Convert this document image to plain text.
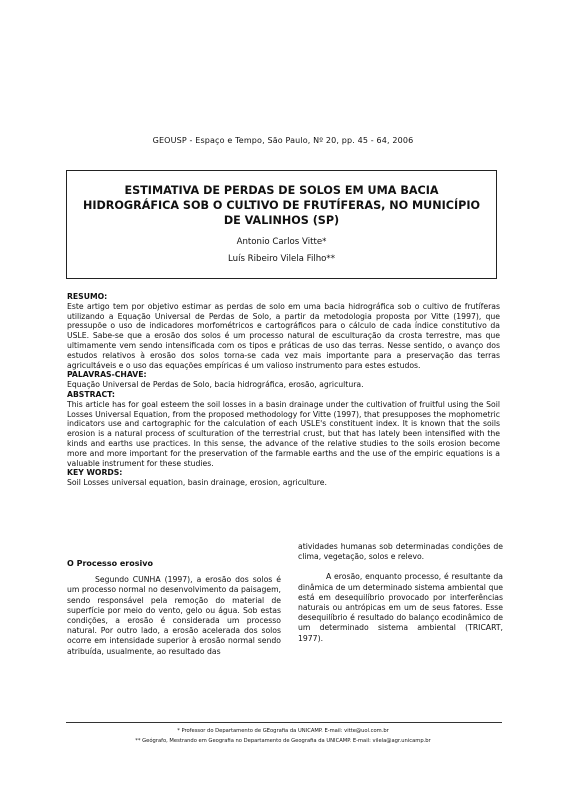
GEOUSP - Espaço e Tempo, São Paulo, Nº 20, pp. 45 - 64, 2006
ESTIMATIVA DE PERDAS DE SOLOS EM UMA BACIA HIDROGRÁFICA SOB O CULTIVO DE FRUTÍFERAS, NO MUNICÍPIO DE VALINHOS (SP)
Antonio Carlos Vitte*
Luís Ribeiro Vilela Filho**

RESUMO:

Este artigo tem por objetivo estimar as perdas de solo em uma bacia hidrográfica sob o cultivo de frutíferas utilizando a Equação Universal de Perdas de Solo, a partir da metodologia proposta por Vitte (1997), que pressupõe o uso de indicadores morfométricos e cartográficos para o cálculo de cada índice constitutivo da USLE. Sabe-se que a erosão dos solos é um processo natural de esculturação da crosta terrestre, mas que ultimamente vem sendo intensificada com os tipos e práticas de uso das terras. Nesse sentido, o avanço dos estudos relativos à erosão dos solos torna-se cada vez mais importante para a preservação das terras agricultáveis e o uso das equações empíricas é um valioso instrumento para estes estudos.

PALAVRAS-CHAVE:

Equação Universal de Perdas de Solo, bacia hidrográfica, erosão, agricultura.

ABSTRACT:

This article has for goal esteem the soil losses in a basin drainage under the cultivation of fruitful using the Soil Losses Universal Equation, from the proposed methodology for Vitte (1997), that presupposes the mophometric indicators use and cartographic for the calculation of each USLE's constituent index. It is known that the soils erosion is a natural process of sculturation of the terrestrial crust, but that has lately been intensified with the kinds and earths use practices. In this sense, the advance of the relative studies to the soils erosion become more and more important for the preservation of the farmable earths and the use of the empiric equations is a valuable instrument for these studies.

KEY WORDS:

Soil Losses universal equation, basin drainage, erosion, agriculture.

O Processo erosivo

Segundo CUNHA (1997), a erosão dos solos é um processo normal no desenvolvimento da paisagem, sendo responsável pela remoção do material de superfície por meio do vento, gelo ou água. Sob estas condições, a erosão é considerada um processo natural. Por outro lado, a erosão acelerada dos solos ocorre em intensidade superior à erosão normal sendo atribuída, usualmente, ao resultado das

atividades humanas sob determinadas condições de clima, vegetação, solos e relevo.

A erosão, enquanto processo, é resultante da dinâmica de um determinado sistema ambiental que está em desequilíbrio provocado por interferências naturais ou antrópicas em um de seus fatores. Esse desequilíbrio é resultado do balanço ecodinâmico de um determinado sistema ambiental (TRICART, 1977).

* Professor do Departamento de GEografia da UNICAMP. E-mail: vitte@uol.com.br
** Geógrafo, Mestrando em Geografia no Departamento de Geografia da UNICAMP. E-mail: vilela@agr.unicamp.br
